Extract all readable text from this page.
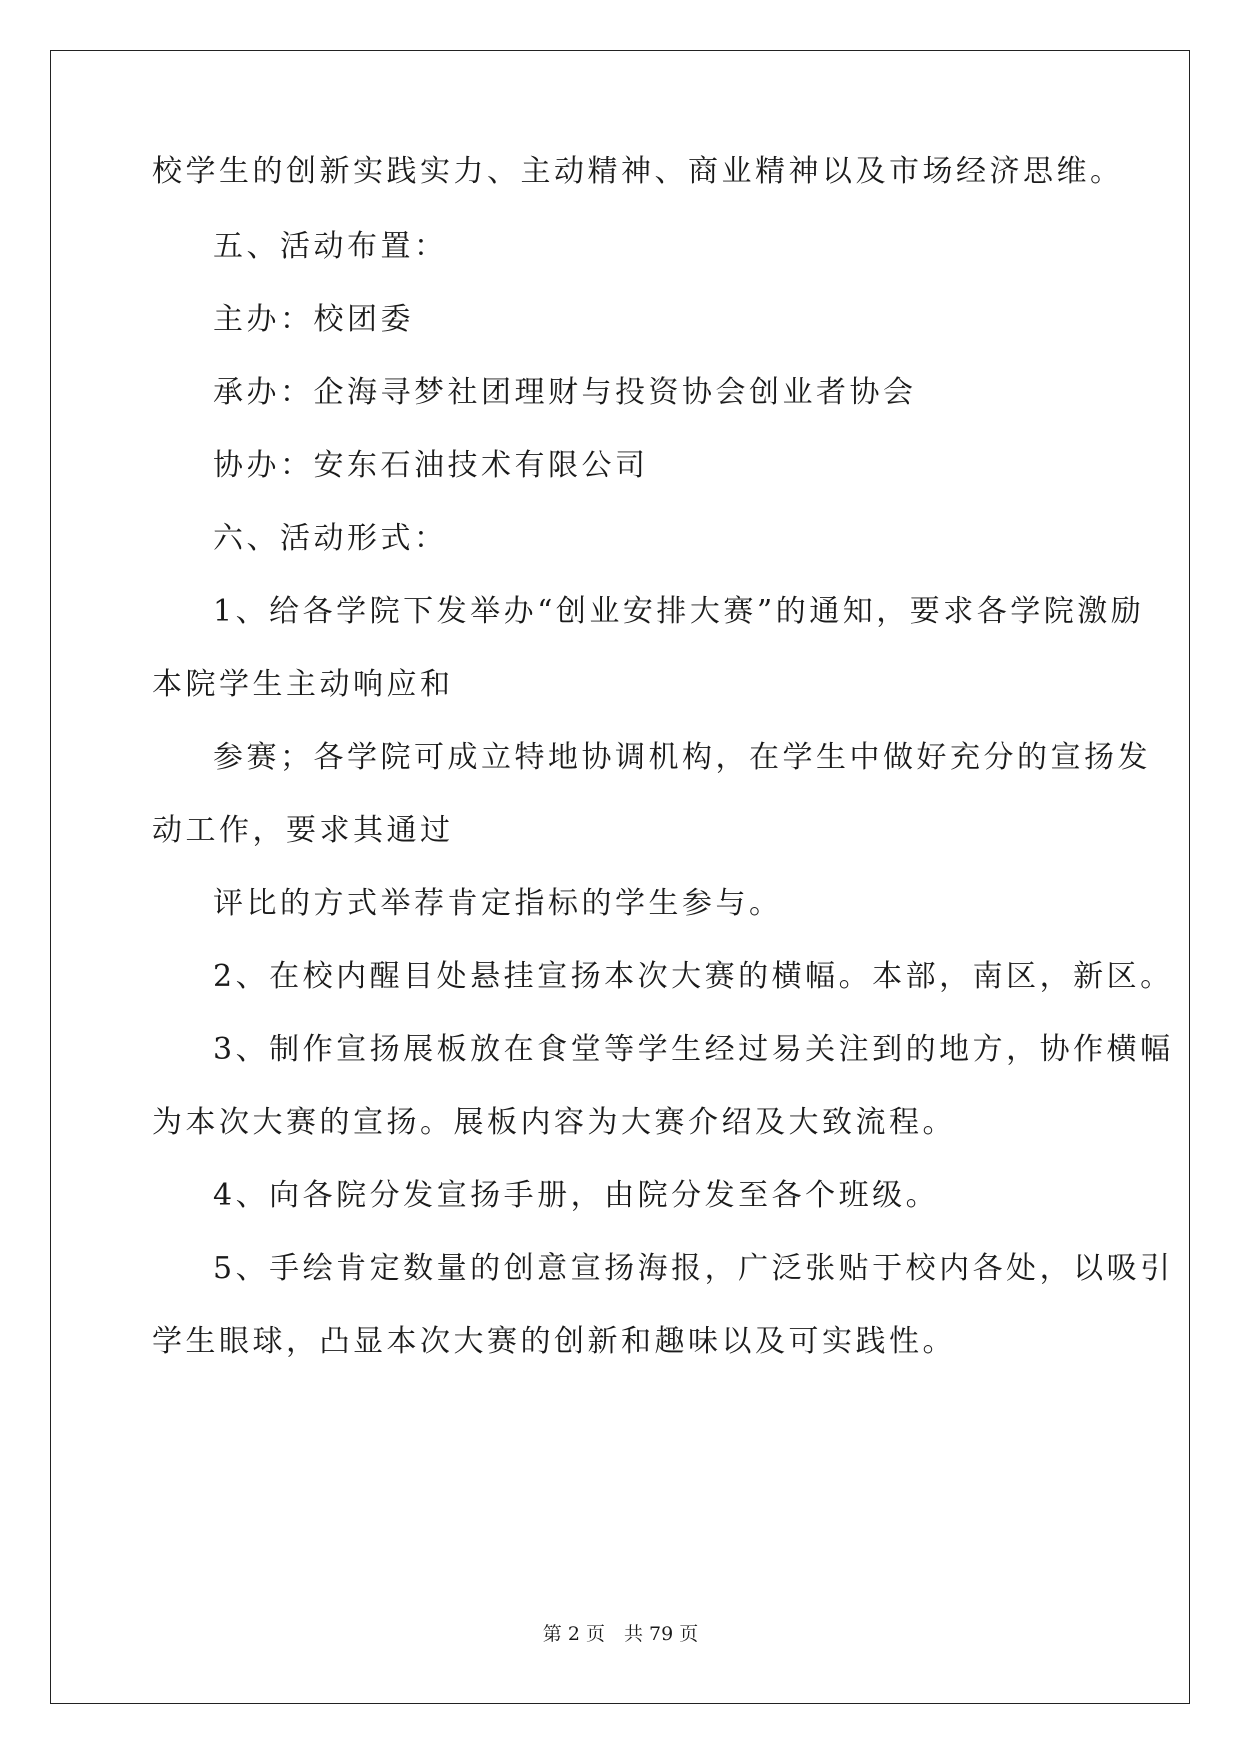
校学生的创新实践实力、主动精神、商业精神以及市场经济思维。
五、活动布置：
主办：校团委
承办：企海寻梦社团理财与投资协会创业者协会
协办：安东石油技术有限公司
六、活动形式：
1、给各学院下发举办“创业安排大赛”的通知，要求各学院激励
本院学生主动响应和
参赛；各学院可成立特地协调机构，在学生中做好充分的宣扬发
动工作，要求其通过
评比的方式举荐肯定指标的学生参与。
2、在校内醒目处悬挂宣扬本次大赛的横幅。本部，南区，新区。
3、制作宣扬展板放在食堂等学生经过易关注到的地方，协作横幅
为本次大赛的宣扬。展板内容为大赛介绍及大致流程。
4、向各院分发宣扬手册，由院分发至各个班级。
5、手绘肯定数量的创意宣扬海报，广泛张贴于校内各处，以吸引
学生眼球，凸显本次大赛的创新和趣味以及可实践性。
第 2 页　共 79 页
